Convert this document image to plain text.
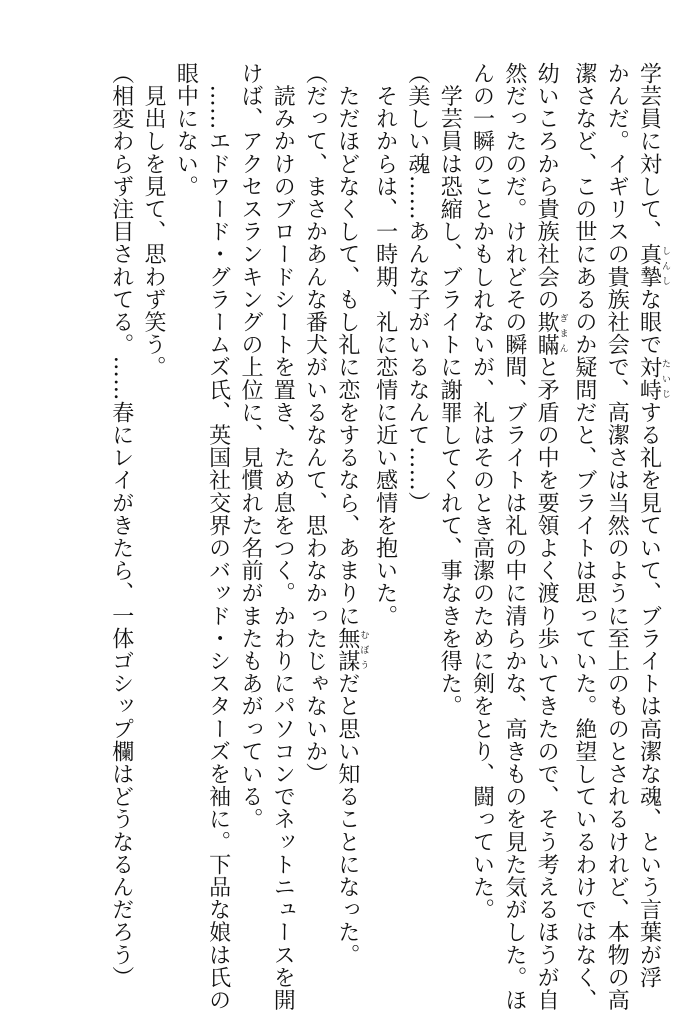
学芸員に対して、真摯しんしな眼で対峙たいじする礼を見ていて、ブライトは高潔な魂、という言葉が浮

かんだ。イギリスの貴族社会で、高潔さは当然のように至上のものとされるけれど、本物の高

潔さなど、この世にあるのか疑問だと、ブライトは思っていた。絶望しているわけではなく、

幼いころから貴族社会の欺瞞ぎまんと矛盾の中を要領よく渡り歩いてきたので、そう考えるほうが自

然だったのだ。けれどその瞬間、ブライトは礼の中に清らかな、高きものを見た気がした。ほ

んの一瞬のことかもしれないが、礼はそのとき高潔のために剣をとり、闘っていた。

　学芸員は恐縮し、ブライトに謝罪してくれて、事なきを得た。

（美しい魂……あんな子がいるなんて……）

　それからは、一時期、礼に恋情に近い感情を抱いた。

　ただほどなくして、もし礼に恋をするなら、あまりに無謀むぼうだと思い知ることになった。

（だって、まさかあんな番犬がいるなんて、思わなかったじゃないか）

　読みかけのブロードシートを置き、ため息をつく。かわりにパソコンでネットニュースを開

けば、アクセスランキングの上位に、見慣れた名前がまたもあがっている。

　……エドワード・グラームズ氏、英国社交界のバッド・シスターズを袖に。下品な娘は氏の

眼中にない。

　見出しを見て、思わず笑う。

（相変わらず注目されてる。……春にレイがきたら、一体ゴシップ欄はどうなるんだろう）
